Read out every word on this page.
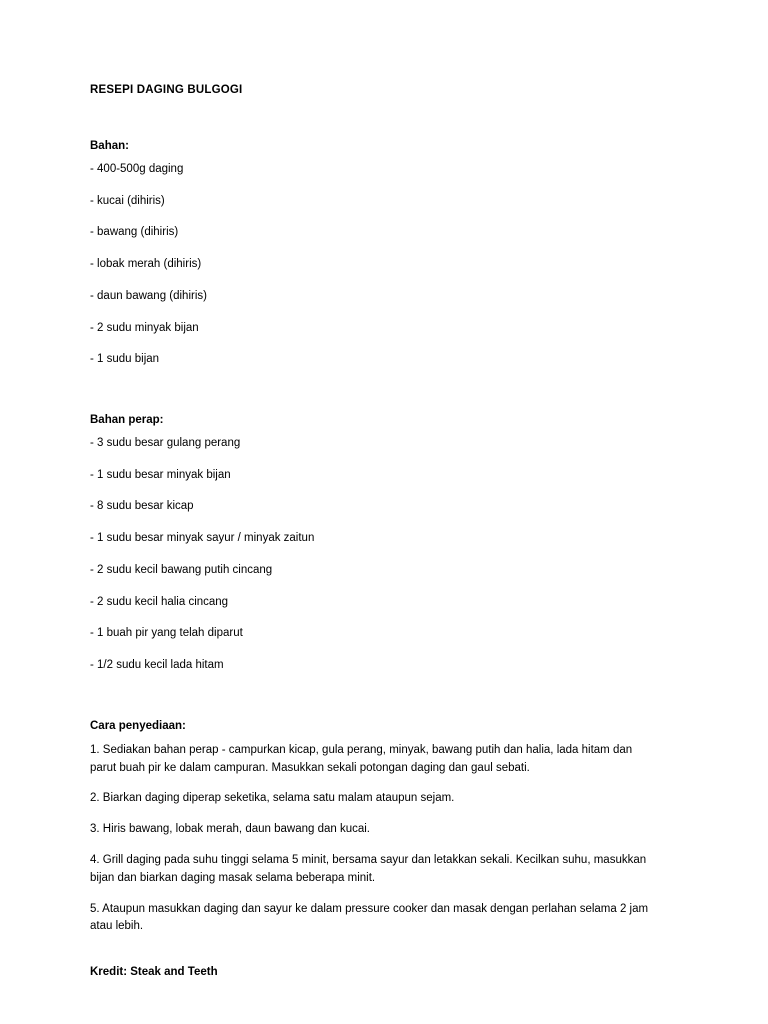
RESEPI DAGING BULGOGI
Bahan:
- 400-500g daging
- kucai (dihiris)
- bawang (dihiris)
- lobak merah (dihiris)
- daun bawang (dihiris)
- 2 sudu minyak bijan
- 1 sudu bijan
Bahan perap:
- 3 sudu besar gulang perang
- 1 sudu besar minyak bijan
- 8 sudu besar kicap
- 1 sudu besar minyak sayur / minyak zaitun
- 2 sudu kecil bawang putih cincang
- 2 sudu kecil halia cincang
- 1 buah pir yang telah diparut
- 1/2 sudu kecil lada hitam
Cara penyediaan:
1. Sediakan bahan perap - campurkan kicap, gula perang, minyak, bawang putih dan halia, lada hitam dan parut buah pir ke dalam campuran. Masukkan sekali potongan daging dan gaul sebati.
2. Biarkan daging diperap seketika, selama satu malam ataupun sejam.
3. Hiris bawang, lobak merah, daun bawang dan kucai.
4. Grill daging pada suhu tinggi selama 5 minit, bersama sayur dan letakkan sekali. Kecilkan suhu, masukkan bijan dan biarkan daging masak selama beberapa minit.
5. Ataupun masukkan daging dan sayur ke dalam pressure cooker dan masak dengan perlahan selama 2 jam atau lebih.

Kredit: Steak and Teeth
